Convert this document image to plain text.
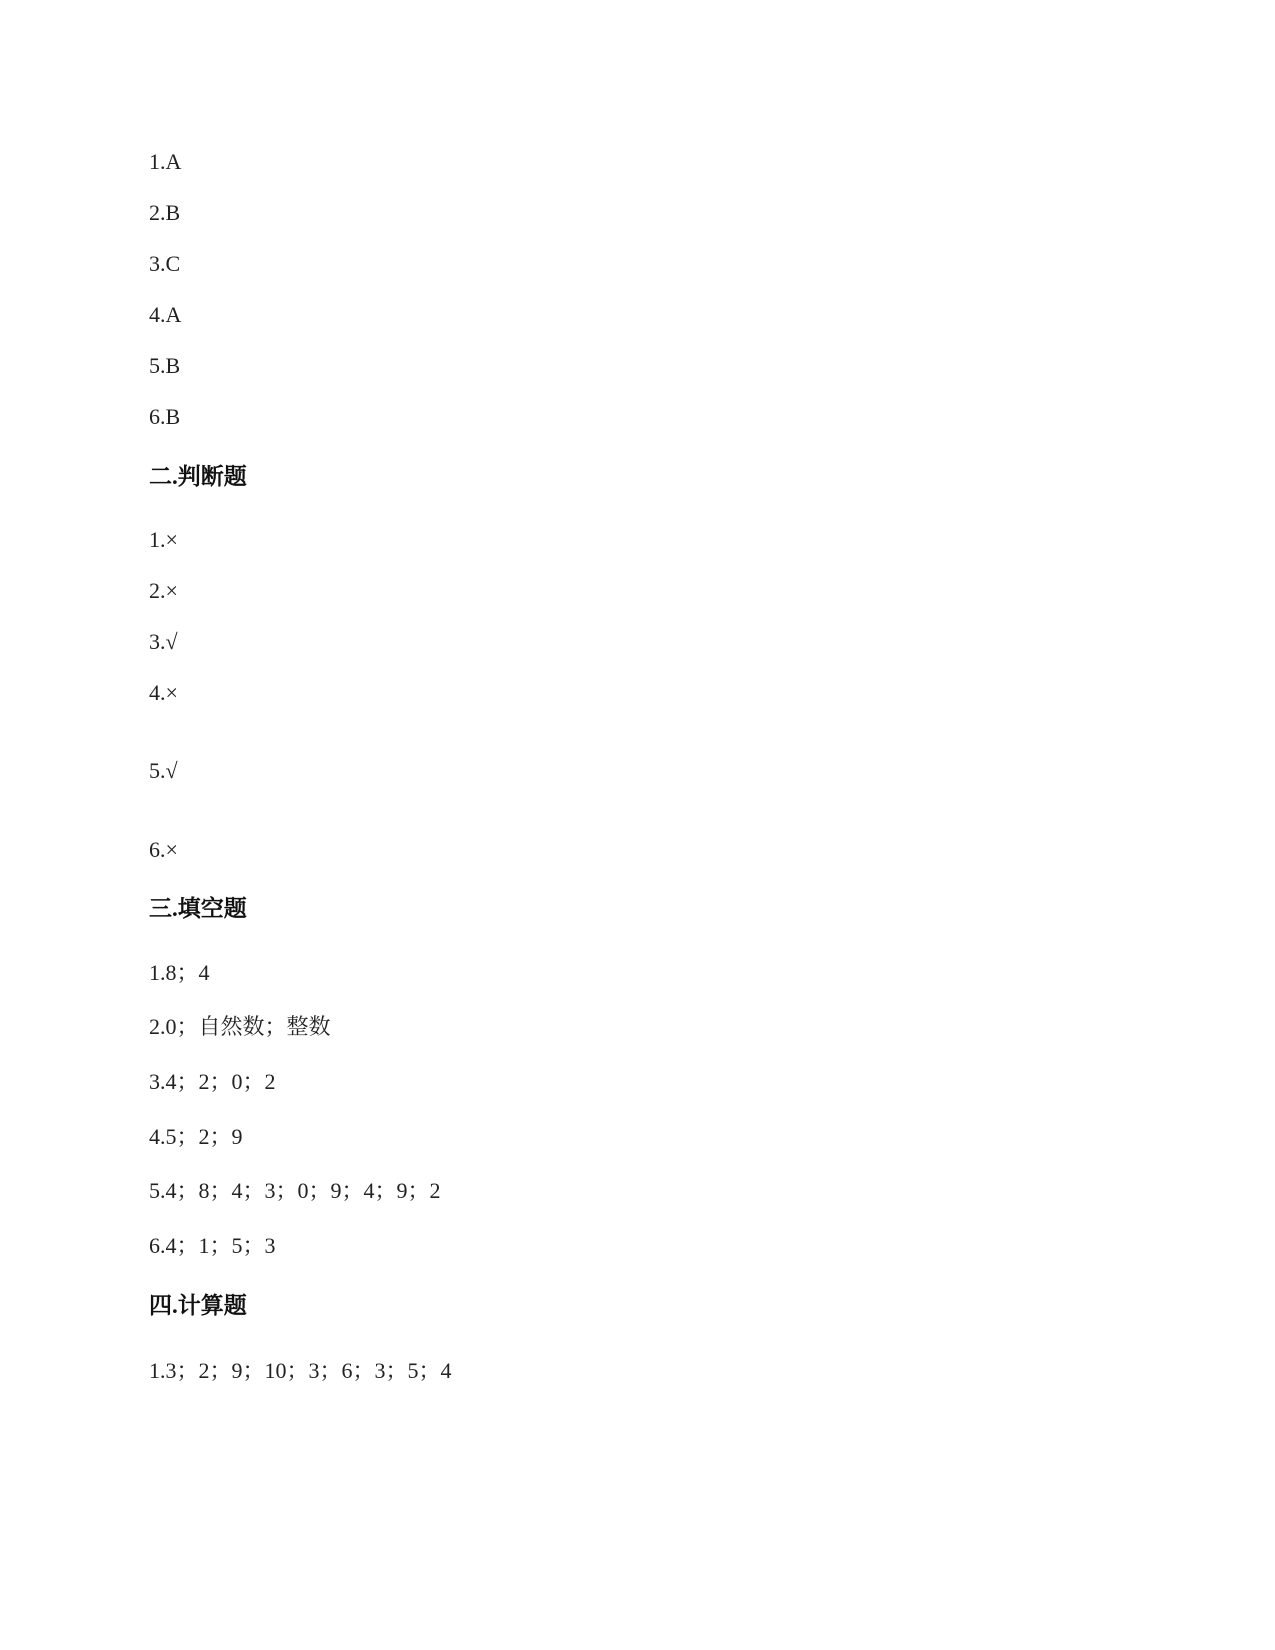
1.A
2.B
3.C
4.A
5.B
6.B
二.判断题
1.×
2.×
3.√
4.×
5.√
6.×
三.填空题
1.8；4
2.0；自然数；整数
3.4；2；0；2
4.5；2；9
5.4；8；4；3；0；9；4；9；2
6.4；1；5；3
四.计算题
1.3；2；9；10；3；6；3；5；4
